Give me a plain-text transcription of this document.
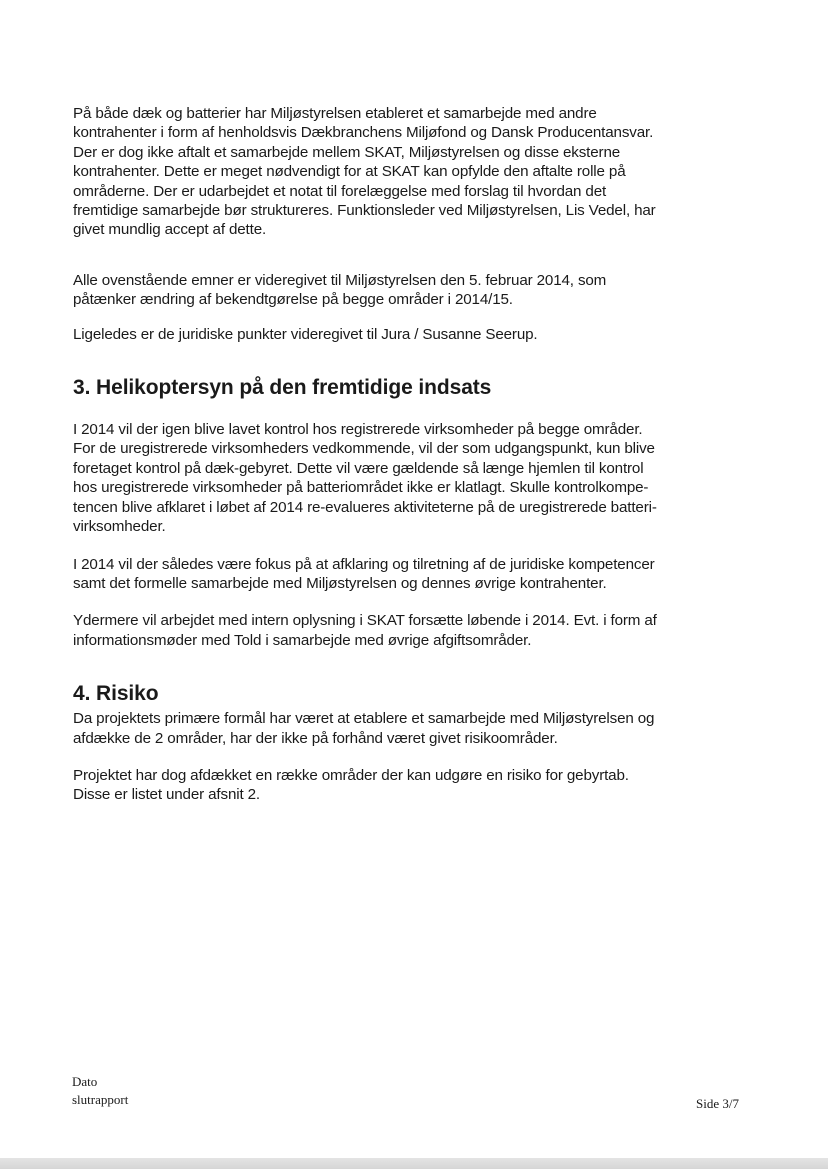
På både dæk og batterier har Miljøstyrelsen etableret et samarbejde med andre
kontrahenter i form af henholdsvis Dækbranchens Miljøfond og Dansk Producentansvar.
Der er dog ikke aftalt et samarbejde mellem SKAT, Miljøstyrelsen og disse eksterne
kontrahenter. Dette er meget nødvendigt for at SKAT kan opfylde den aftalte rolle på
områderne. Der er udarbejdet et notat til forelæggelse med forslag til hvordan det
fremtidige samarbejde bør struktureres. Funktionsleder ved Miljøstyrelsen, Lis Vedel, har
givet mundlig accept af dette.

Alle ovenstående emner er videregivet til Miljøstyrelsen den 5. februar 2014, som
påtænker ændring af bekendtgørelse på begge områder i 2014/15.

Ligeledes er de juridiske punkter videregivet til Jura / Susanne Seerup.

3. Helikoptersyn på den fremtidige indsats

I 2014 vil der igen blive lavet kontrol hos registrerede virksomheder på begge områder.
For de uregistrerede virksomheders vedkommende, vil der som udgangspunkt, kun blive
foretaget kontrol på dæk-gebyret. Dette vil være gældende så længe hjemlen til kontrol
hos uregistrerede virksomheder på batteriområdet ikke er klatlagt. Skulle kontrolkompe-
tencen blive afklaret i løbet af 2014 re-evalueres aktiviteterne på de uregistrerede batteri-
virksomheder.

I 2014 vil der således være fokus på at afklaring og tilretning af de juridiske kompetencer
samt det formelle samarbejde med Miljøstyrelsen og dennes øvrige kontrahenter.

Ydermere vil arbejdet med intern oplysning i SKAT forsætte løbende i 2014. Evt. i form af
informationsmøder med Told i samarbejde med øvrige afgiftsområder.

4. Risiko

Da projektets primære formål har været at etablere et samarbejde med Miljøstyrelsen og
afdække de 2 områder, har der ikke på forhånd været givet risikoområder.

Projektet har dog afdækket en række områder der kan udgøre en risiko for gebyrtab.
Disse er listet under afsnit 2.

Dato
slutrapport	Side 3/7
